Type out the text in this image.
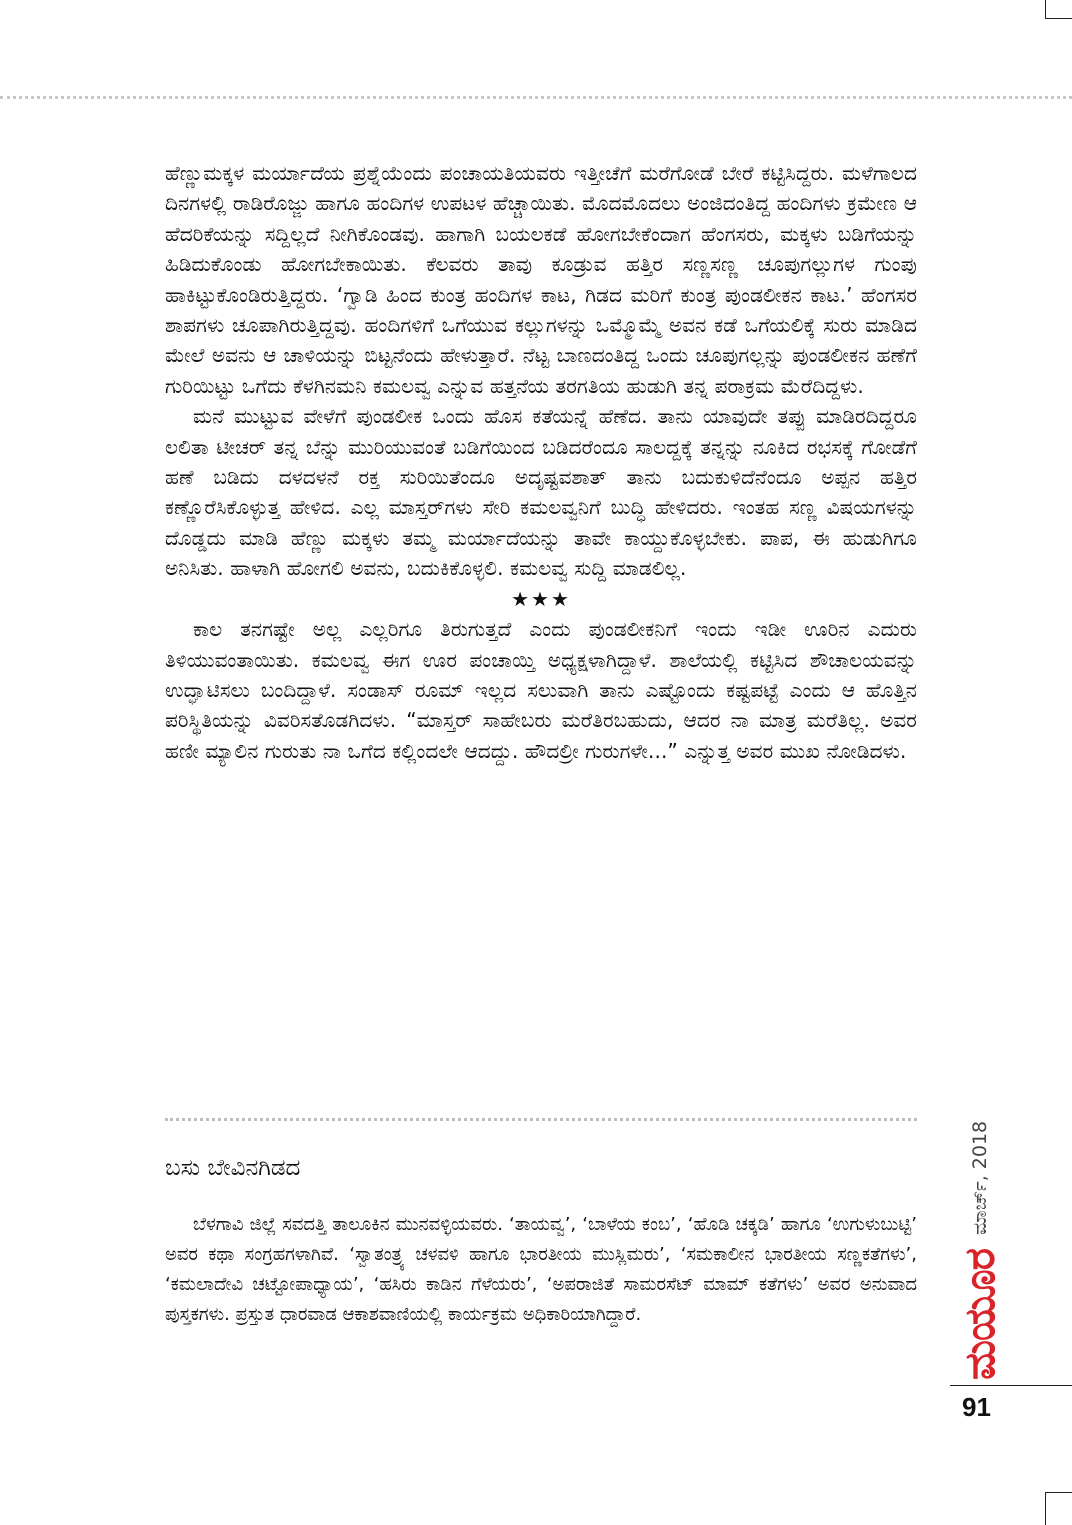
ಹೆಣ್ಣುಮಕ್ಕಳ ಮರ್ಯಾದೆಯ ಪ್ರಶ್ನೆಯೆಂದು ಪಂಚಾಯತಿಯವರು ಇತ್ತೀಚೆಗೆ ಮರೆಗೋಡೆ ಬೇರೆ ಕಟ್ಟಿಸಿದ್ದರು. ಮಳೆಗಾಲದ ದಿನಗಳಲ್ಲಿ ರಾಡಿರೊಜ್ಜು ಹಾಗೂ ಹಂದಿಗಳ ಉಪಟಳ ಹೆಚ್ಚಾಯಿತು. ಮೊದಮೊದಲು ಅಂಜಿದಂತಿದ್ದ ಹಂದಿಗಳು ಕ್ರಮೇಣ ಆ ಹೆದರಿಕೆಯನ್ನು ಸದ್ದಿಲ್ಲದೆ ನೀಗಿಕೊಂಡವು. ಹಾಗಾಗಿ ಬಯಲಕಡೆ ಹೋಗಬೇಕೆಂದಾಗ ಹೆಂಗಸರು, ಮಕ್ಕಳು ಬಡಿಗೆಯನ್ನು ಹಿಡಿದುಕೊಂಡು ಹೋಗಬೇಕಾಯಿತು. ಕೆಲವರು ತಾವು ಕೂಡ್ರುವ ಹತ್ತಿರ ಸಣ್ಣಸಣ್ಣ ಚೂಪುಗಲ್ಲುಗಳ ಗುಂಪು ಹಾಕಿಟ್ಟುಕೊಂಡಿರುತ್ತಿದ್ದರು. ‘ಗ್ವಾಡಿ ಹಿಂದ ಕುಂತ್ರ ಹಂದಿಗಳ ಕಾಟ, ಗಿಡದ ಮರಿಗೆ ಕುಂತ್ರ ಪುಂಡಲೀಕನ ಕಾಟ.’ ಹೆಂಗಸರ ಶಾಪಗಳು ಚೂಪಾಗಿರುತ್ತಿದ್ದವು. ಹಂದಿಗಳಿಗೆ ಒಗೆಯುವ ಕಲ್ಲುಗಳನ್ನು ಒಮ್ಮೊಮ್ಮೆ ಅವನ ಕಡೆ ಒಗೆಯಲಿಕ್ಕೆ ಸುರು ಮಾಡಿದ ಮೇಲೆ ಅವನು ಆ ಚಾಳಿಯನ್ನು ಬಿಟ್ಟನೆಂದು ಹೇಳುತ್ತಾರೆ. ನೆಟ್ಟ ಬಾಣದಂತಿದ್ದ ಒಂದು ಚೂಪುಗಲ್ಲನ್ನು ಪುಂಡಲೀಕನ ಹಣೆಗೆ ಗುರಿಯಿಟ್ಟು ಒಗೆದು ಕೆಳಗಿನಮನಿ ಕಮಲವ್ವ ಎನ್ನುವ ಹತ್ತನೆಯ ತರಗತಿಯ ಹುಡುಗಿ ತನ್ನ ಪರಾಕ್ರಮ ಮೆರೆದಿದ್ದಳು.

ಮನೆ ಮುಟ್ಟುವ ವೇಳೆಗೆ ಪುಂಡಲೀಕ ಒಂದು ಹೊಸ ಕತೆಯನ್ನೆ ಹೆಣೆದ. ತಾನು ಯಾವುದೇ ತಪ್ಪು ಮಾಡಿರದಿದ್ದರೂ ಲಲಿತಾ ಟೀಚರ್ ತನ್ನ ಬೆನ್ನು ಮುರಿಯುವಂತೆ ಬಡಿಗೆಯಿಂದ ಬಡಿದರೆಂದೂ ಸಾಲದ್ದಕ್ಕೆ ತನ್ನನ್ನು ನೂಕಿದ ರಭಸಕ್ಕೆ ಗೋಡೆಗೆ ಹಣೆ ಬಡಿದು ದಳದಳನೆ ರಕ್ತ ಸುರಿಯಿತೆಂದೂ ಅದೃಷ್ಟವಶಾತ್ ತಾನು ಬದುಕುಳಿದೆನೆಂದೂ ಅಪ್ಪನ ಹತ್ತಿರ ಕಣ್ಣೊರೆಸಿಕೊಳ್ಳುತ್ತ ಹೇಳಿದ. ಎಲ್ಲ ಮಾಸ್ತರ್‌ಗಳು ಸೇರಿ ಕಮಲವ್ವನಿಗೆ ಬುದ್ಧಿ ಹೇಳಿದರು. ಇಂತಹ ಸಣ್ಣ ವಿಷಯಗಳನ್ನು ದೊಡ್ಡದು ಮಾಡಿ ಹೆಣ್ಣು ಮಕ್ಕಳು ತಮ್ಮ ಮರ್ಯಾದೆಯನ್ನು ತಾವೇ ಕಾಯ್ದುಕೊಳ್ಳಬೇಕು. ಪಾಪ, ಈ ಹುಡುಗಿಗೂ ಅನಿಸಿತು. ಹಾಳಾಗಿ ಹೋಗಲಿ ಅವನು, ಬದುಕಿಕೊಳ್ಳಲಿ. ಕಮಲವ್ವ ಸುದ್ದಿ ಮಾಡಲಿಲ್ಲ.

★★★

ಕಾಲ ತನಗಷ್ಟೇ ಅಲ್ಲ ಎಲ್ಲರಿಗೂ ತಿರುಗುತ್ತದೆ ಎಂದು ಪುಂಡಲೀಕನಿಗೆ ಇಂದು ಇಡೀ ಊರಿನ ಎದುರು ತಿಳಿಯುವಂತಾಯಿತು. ಕಮಲವ್ವ ಈಗ ಊರ ಪಂಚಾಯ್ತಿ ಅಧ್ಯಕ್ಷಳಾಗಿದ್ದಾಳೆ. ಶಾಲೆಯಲ್ಲಿ ಕಟ್ಟಿಸಿದ ಶೌಚಾಲಯವನ್ನು ಉದ್ಘಾಟಿಸಲು ಬಂದಿದ್ದಾಳೆ. ಸಂಡಾಸ್ ರೂಮ್ ಇಲ್ಲದ ಸಲುವಾಗಿ ತಾನು ಎಷ್ಟೊಂದು ಕಷ್ಟಪಟ್ಟೆ ಎಂದು ಆ ಹೊತ್ತಿನ ಪರಿಸ್ಥಿತಿಯನ್ನು ವಿವರಿಸತೊಡಗಿದಳು. “ಮಾಸ್ತರ್ ಸಾಹೇಬರು ಮರೆತಿರಬಹುದು, ಆದರ ನಾ ಮಾತ್ರ ಮರೆತಿಲ್ಲ. ಅವರ ಹಣೀ ಮ್ಯಾಲಿನ ಗುರುತು ನಾ ಒಗೆದ ಕಲ್ಲಿಂದಲೇ ಆದದ್ದು. ಹೌದಲ್ರೀ ಗುರುಗಳೇ...” ಎನ್ನುತ್ತ ಅವರ ಮುಖ ನೋಡಿದಳು.

ಬಸು ಬೇವಿನಗಿಡದ
ಬೆಳಗಾವಿ ಜಿಲ್ಲೆ ಸವದತ್ತಿ ತಾಲೂಕಿನ ಮುನವಳ್ಳಿಯವರು. ‘ತಾಯವ್ವ’, ‘ಬಾಳೆಯ ಕಂಬ’, ‘ಹೊಡಿ ಚಕ್ಕಡಿ’ ಹಾಗೂ ‘ಉಗುಳುಬುಟ್ಟಿ’ ಅವರ ಕಥಾ ಸಂಗ್ರಹಗಳಾಗಿವೆ. ‘ಸ್ವಾತಂತ್ರ್ಯ ಚಳವಳಿ ಹಾಗೂ ಭಾರತೀಯ ಮುಸ್ಲಿಮರು’, ‘ಸಮಕಾಲೀನ ಭಾರತೀಯ ಸಣ್ಣಕತೆಗಳು’, ‘ಕಮಲಾದೇವಿ ಚಟ್ಟೋಪಾಧ್ಯಾಯ’, ‘ಹಸಿರು ಕಾಡಿನ ಗೆಳೆಯರು’, ‘ಅಪರಾಜಿತೆ ಸಾಮರಸೆಟ್ ಮಾಮ್ ಕತೆಗಳು’ ಅವರ ಅನುವಾದ ಪುಸ್ತಕಗಳು. ಪ್ರಸ್ತುತ ಧಾರವಾಡ ಆಕಾಶವಾಣಿಯಲ್ಲಿ ಕಾರ್ಯಕ್ರಮ ಅಧಿಕಾರಿಯಾಗಿದ್ದಾರೆ.	ಮಯೂರ
ಮಾರ್ಚ್, 2018
91
